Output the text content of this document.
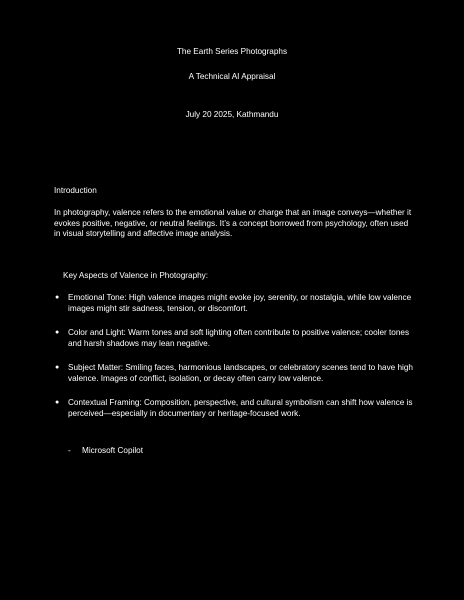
The Earth Series Photographs
A Technical AI Appraisal
July 20 2025, Kathmandu
Introduction

In photography, valence refers to the emotional value or charge that an image conveys—whether it evokes positive, negative, or neutral feelings. It’s a concept borrowed from psychology, often used in visual storytelling and affective image analysis.

Key Aspects of Valence in Photography:
● Emotional Tone: High valence images might evoke joy, serenity, or nostalgia, while low valence images might stir sadness, tension, or discomfort.
● Color and Light: Warm tones and soft lighting often contribute to positive valence; cooler tones and harsh shadows may lean negative.
● Subject Matter: Smiling faces, harmonious landscapes, or celebratory scenes tend to have high valence. Images of conflict, isolation, or decay often carry low valence.
● Contextual Framing: Composition, perspective, and cultural symbolism can shift how valence is perceived—especially in documentary or heritage-focused work.
- Microsoft Copilot
